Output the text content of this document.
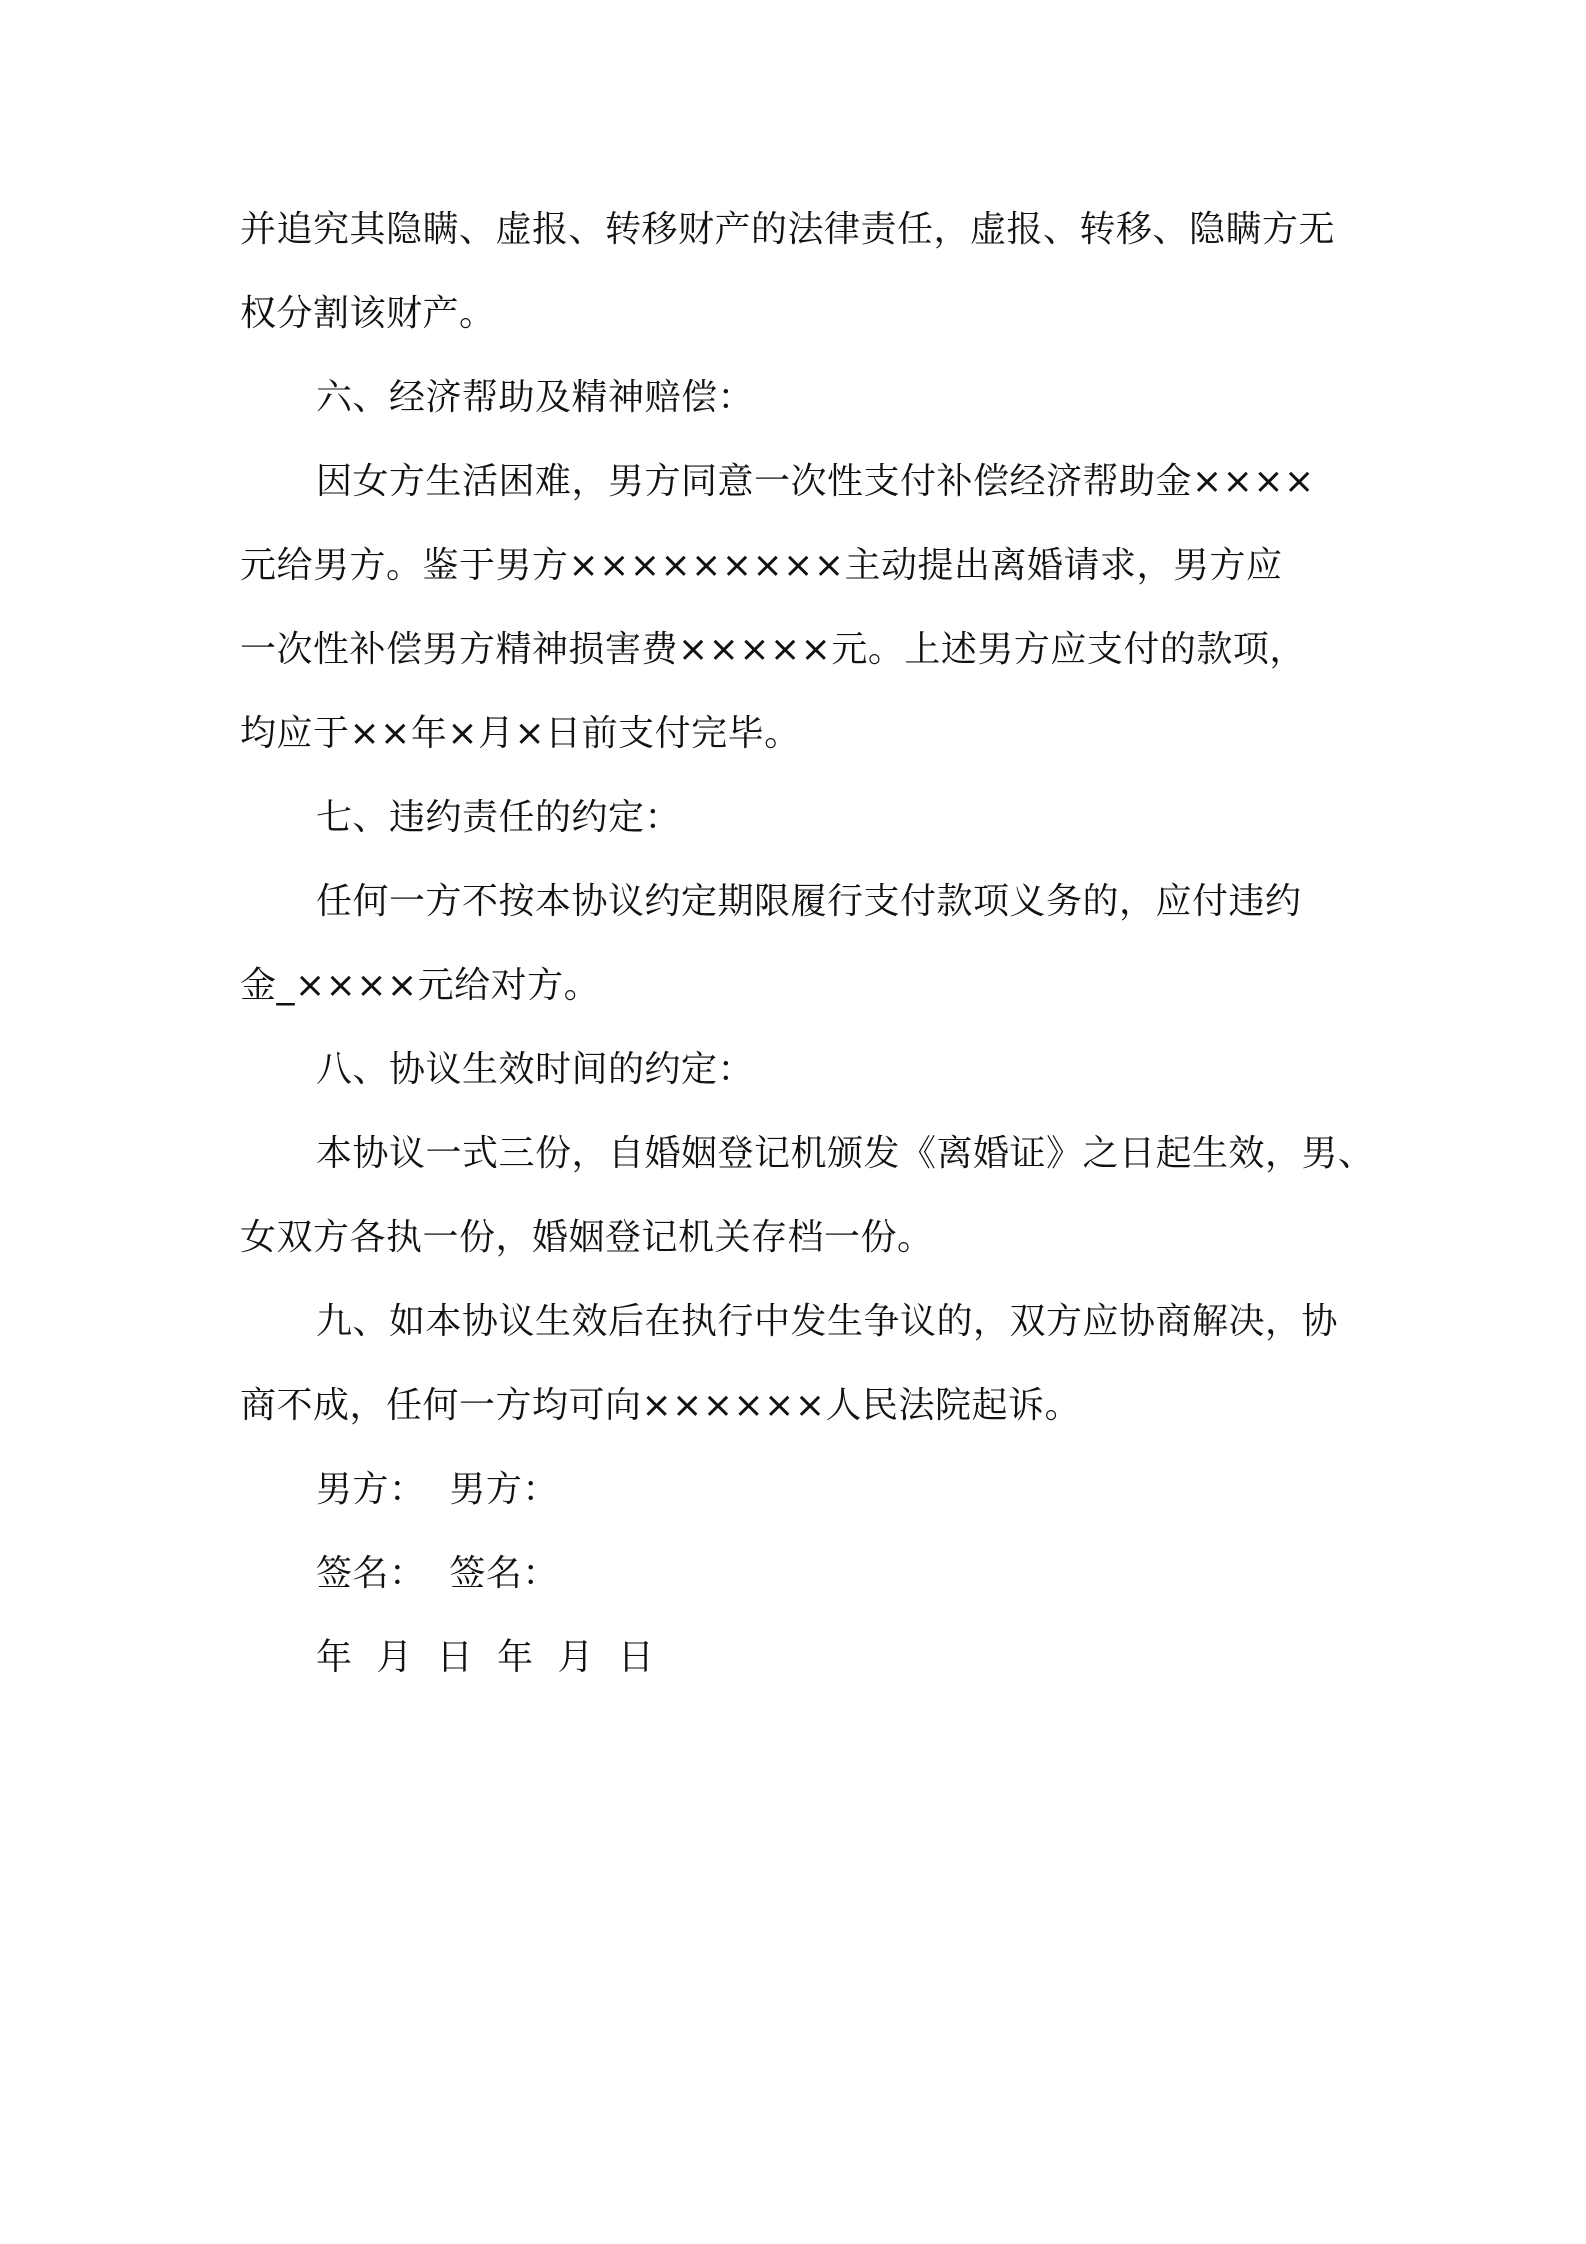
并追究其隐瞒、虚报、转移财产的法律责任，虚报、转移、隐瞒方无
权分割该财产。
六、经济帮助及精神赔偿：
因女方生活困难，男方同意一次性支付补偿经济帮助金××××
元给男方。鉴于男方×××××××××主动提出离婚请求，男方应
一次性补偿男方精神损害费×××××元。上述男方应支付的款项，
均应于××年×月×日前支付完毕。
七、违约责任的约定：
任何一方不按本协议约定期限履行支付款项义务的，应付违约
金_××××元给对方。
八、协议生效时间的约定：
本协议一式三份，自婚姻登记机颁发《离婚证》之日起生效，男、
女双方各执一份，婚姻登记机关存档一份。
九、如本协议生效后在执行中发生争议的，双方应协商解决，协
商不成，任何一方均可向××××××人民法院起诉。
男方：  男方：
签名：  签名：
年  月  日  年  月  日
